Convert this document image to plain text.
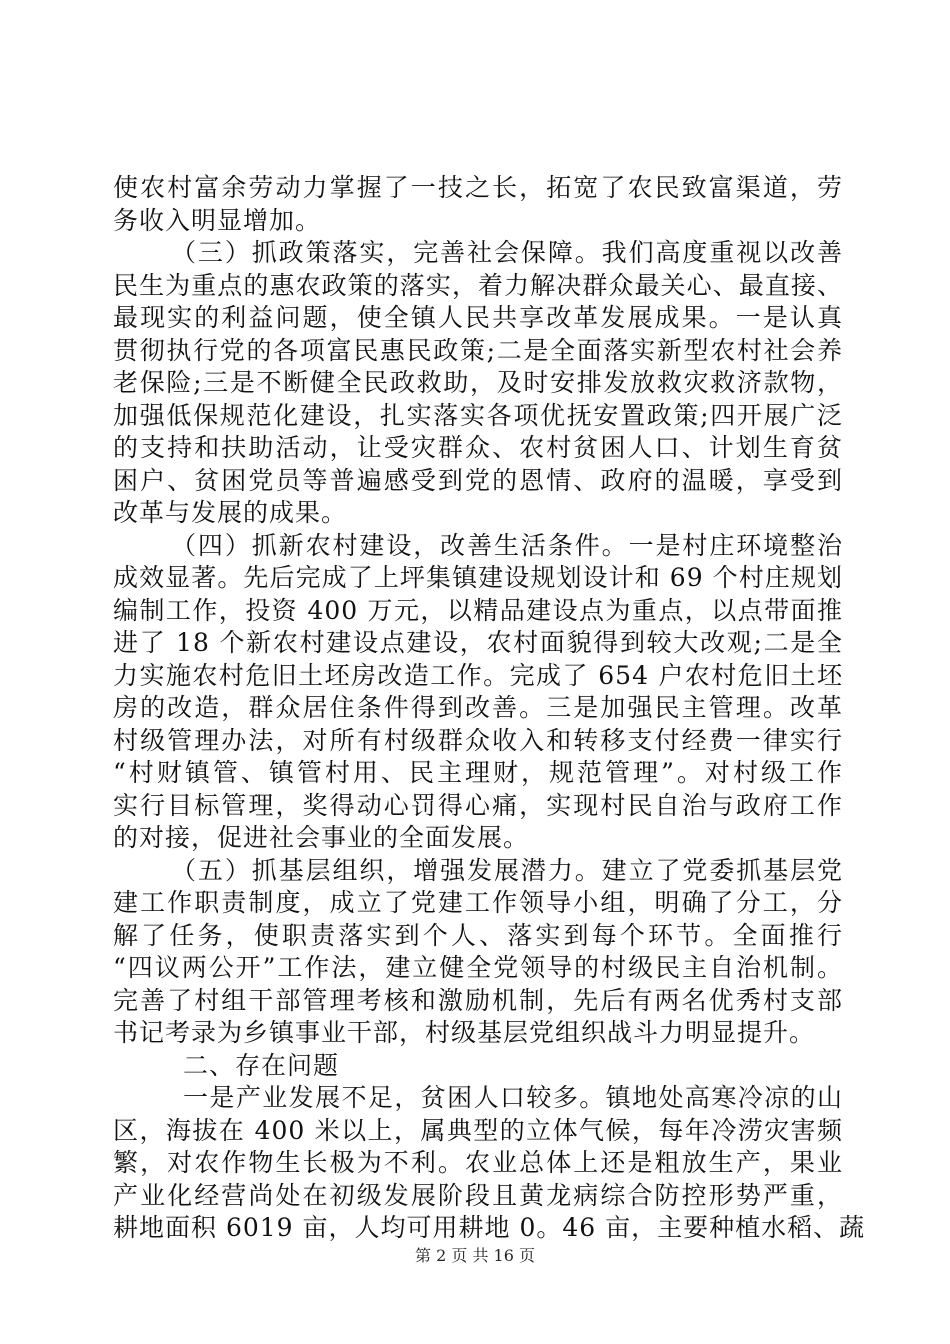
使农村富余劳动力掌握了一技之长，拓宽了农民致富渠道，劳
务收入明显增加。
（三）抓政策落实，完善社会保障。我们高度重视以改善
民生为重点的惠农政策的落实，着力解决群众最关心、最直接、
最现实的利益问题，使全镇人民共享改革发展成果。一是认真
贯彻执行党的各项富民惠民政策;二是全面落实新型农村社会养
老保险;三是不断健全民政救助，及时安排发放救灾救济款物，
加强低保规范化建设，扎实落实各项优抚安置政策;四开展广泛
的支持和扶助活动，让受灾群众、农村贫困人口、计划生育贫
困户、贫困党员等普遍感受到党的恩情、政府的温暖，享受到
改革与发展的成果。
（四）抓新农村建设，改善生活条件。一是村庄环境整治
成效显著。先后完成了上坪集镇建设规划设计和 69 个村庄规划
编制工作，投资 400 万元，以精品建设点为重点，以点带面推
进了 18 个新农村建设点建设，农村面貌得到较大改观;二是全
力实施农村危旧土坯房改造工作。完成了 654 户农村危旧土坯
房的改造，群众居住条件得到改善。三是加强民主管理。改革
村级管理办法，对所有村级群众收入和转移支付经费一律实行
“村财镇管、镇管村用、民主理财，规范管理”。对村级工作
实行目标管理，奖得动心罚得心痛，实现村民自治与政府工作
的对接，促进社会事业的全面发展。
（五）抓基层组织，增强发展潜力。建立了党委抓基层党
建工作职责制度，成立了党建工作领导小组，明确了分工，分
解了任务，使职责落实到个人、落实到每个环节。全面推行
“四议两公开”工作法，建立健全党领导的村级民主自治机制。
完善了村组干部管理考核和激励机制，先后有两名优秀村支部
书记考录为乡镇事业干部，村级基层党组织战斗力明显提升。
二、存在问题
一是产业发展不足，贫困人口较多。镇地处高寒冷凉的山
区，海拔在 400 米以上，属典型的立体气候，每年冷涝灾害频
繁，对农作物生长极为不利。农业总体上还是粗放生产，果业
产业化经营尚处在初级发展阶段且黄龙病综合防控形势严重，
耕地面积 6019 亩，人均可用耕地 0。46 亩，主要种植水稻、蔬
第 2 页 共 16 页
